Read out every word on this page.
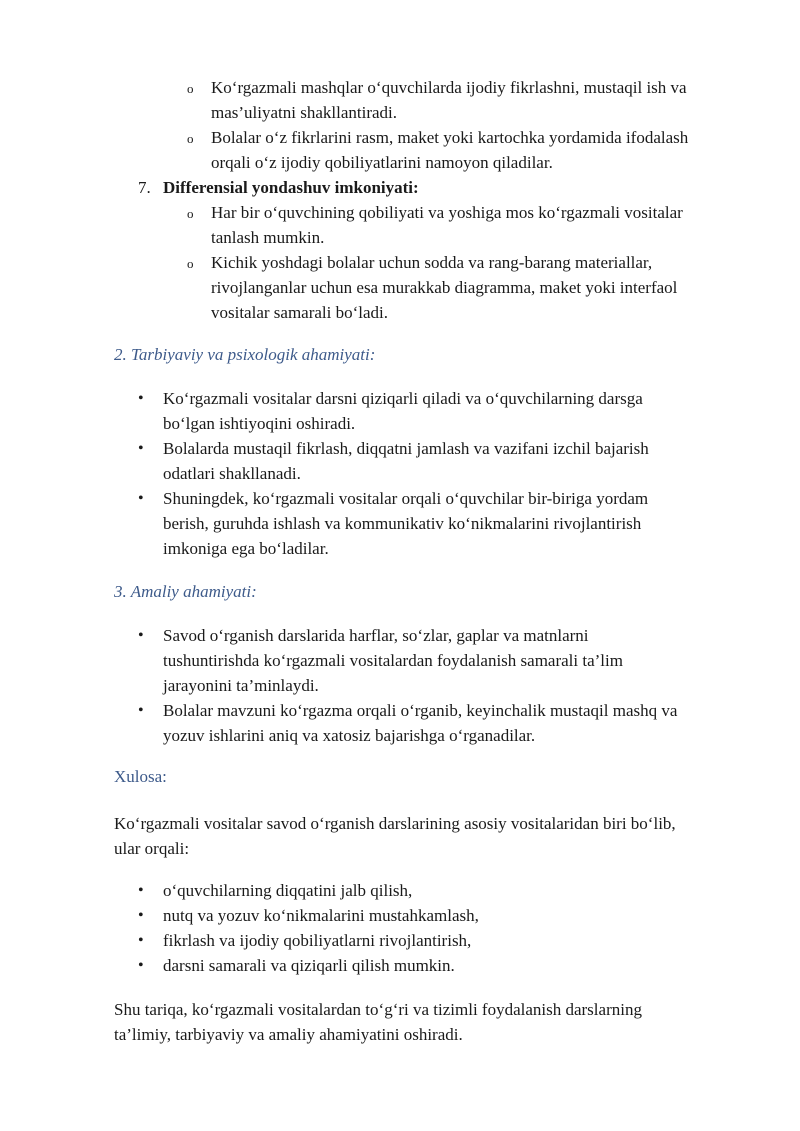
o Ko‘rgazmali mashqlar o‘quvchilarda ijodiy fikrlashni, mustaqil ish va
mas’uliyatni shakllantiradi.
o Bolalar o‘z fikrlarini rasm, maket yoki kartochka yordamida ifodalash
orqali o‘z ijodiy qobiliyatlarini namoyon qiladilar.
7. Differensial yondashuv imkoniyati:
o Har bir o‘quvchining qobiliyati va yoshiga mos ko‘rgazmali vositalar
tanlash mumkin.
o Kichik yoshdagi bolalar uchun sodda va rang-barang materiallar,
rivojlanganlar uchun esa murakkab diagramma, maket yoki interfaol
vositalar samarali bo‘ladi.
2. Tarbiyaviy va psixologik ahamiyati:
• Ko‘rgazmali vositalar darsni qiziqarli qiladi va o‘quvchilarning darsga
bo‘lgan ishtiyoqini oshiradi.
• Bolalarda mustaqil fikrlash, diqqatni jamlash va vazifani izchil bajarish
odatlari shakllanadi.
• Shuningdek, ko‘rgazmali vositalar orqali o‘quvchilar bir-biriga yordam
berish, guruhda ishlash va kommunikativ ko‘nikmalarini rivojlantirish
imkoniga ega bo‘ladilar.
3. Amaliy ahamiyati:
• Savod o‘rganish darslarida harflar, so‘zlar, gaplar va matnlarni
tushuntirishda ko‘rgazmali vositalardan foydalanish samarali ta’lim
jarayonini ta’minlaydi.
• Bolalar mavzuni ko‘rgazma orqali o‘rganib, keyinchalik mustaqil mashq va
yozuv ishlarini aniq va xatosiz bajarishga o‘rganadilar.
Xulosa:
Ko‘rgazmali vositalar savod o‘rganish darslarining asosiy vositalaridan biri bo‘lib,
ular orqali:
• o‘quvchilarning diqqatini jalb qilish,
• nutq va yozuv ko‘nikmalarini mustahkamlash,
• fikrlash va ijodiy qobiliyatlarni rivojlantirish,
• darsni samarali va qiziqarli qilish mumkin.
Shu tariqa, ko‘rgazmali vositalardan to‘g‘ri va tizimli foydalanish darslarning
ta’limiy, tarbiyaviy va amaliy ahamiyatini oshiradi.
